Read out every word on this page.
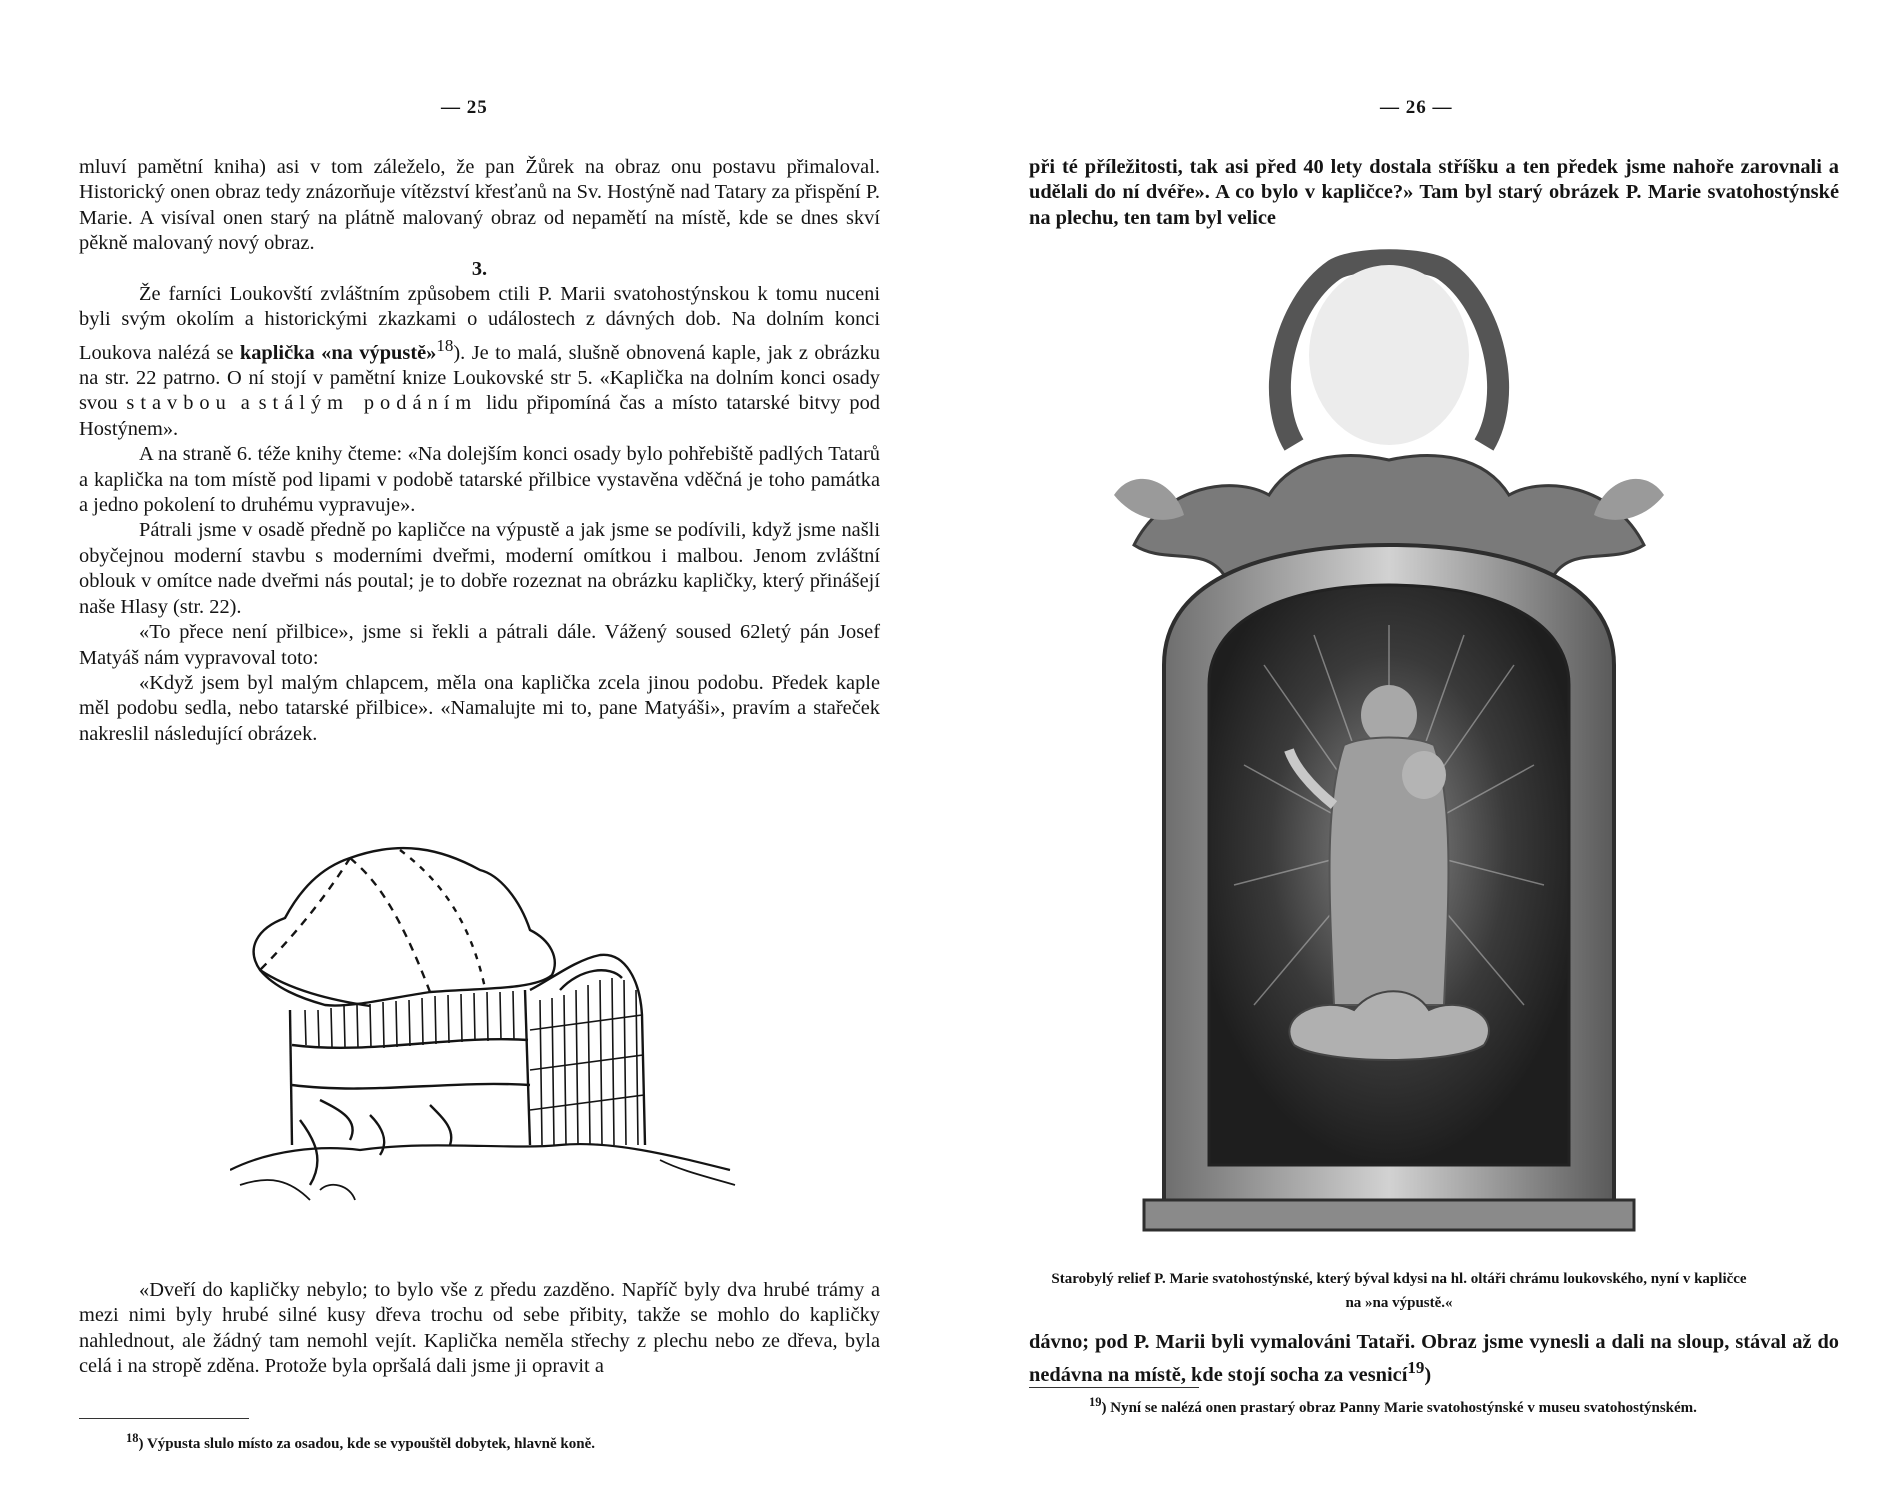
— 25

mluví pamětní kniha) asi v tom záleželo, že pan Žůrek na obraz onu postavu přimaloval. Historický onen obraz tedy znázorňuje vítězství křesťanů na Sv. Hostýně nad Tatary za přispění P. Marie. A visíval onen starý na plátně malovaný obraz od nepamětí na místě, kde se dnes skví pěkně malovaný nový obraz.

3.

Že farníci Loukovští zvláštním způsobem ctili P. Marii svatohostýnskou k tomu nuceni byli svým okolím a historickými zkazkami o událostech z dávných dob. Na dolním konci Loukova nalézá se kaplička «na výpustě»$^{18}$). Je to malá, slušně obnovená kaple, jak z obrázku na str. 22 patrno. O ní stojí v pamětní knize Loukovské str 5. «Kaplička na dolním konci osady svou stavbou a stálým podáním lidu připomíná čas a místo tatarské bitvy pod Hostýnem».

A na straně 6. téže knihy čteme: «Na dolejším konci osady bylo pohřebiště padlých Tatarů a kaplička na tom místě pod lipami v podobě tatarské přilbice vystavěna vděčná je toho památka a jedno pokolení to druhému vypravuje».

Pátrali jsme v osadě předně po kapličce na výpustě a jak jsme se podívili, když jsme našli obyčejnou moderní stavbu s moderními dveřmi, moderní omítkou i malbou. Jenom zvláštní oblouk v omítce nade dveřmi nás poutal; je to dobře rozeznat na obrázku kapličky, který přinášejí naše Hlasy (str. 22).

«To přece není přilbice», jsme si řekli a pátrali dále. Vážený soused 62letý pán Josef Matyáš nám vypravoval toto:

«Když jsem byl malým chlapcem, měla ona kaplička zcela jinou podobu. Předek kaple měl podobu sedla, nebo tatarské přilbice». «Namalujte mi to, pane Matyáši», pravím a stařeček nakreslil následující obrázek.

«Dveří do kapličky nebylo; to bylo vše z předu zazděno. Napříč byly dva hrubé trámy a mezi nimi byly hrubé silné kusy dřeva trochu od sebe přibity, takže se mohlo do kapličky nahlednout, ale žádný tam nemohl vejít. Kaplička neměla střechy z plechu nebo ze dřeva, byla celá i na stropě zděna. Protože byla opršalá dali jsme ji opravit a

$^{18}$) Výpusta slulo místo za osadou, kde se vypouštěl dobytek, hlavně koně.
— 26 —

při té příležitosti, tak asi před 40 lety dostala stříšku a ten předek jsme nahoře zarovnali a udělali do ní dvéře». A co bylo v kapličce?» Tam byl starý obrázek P. Marie svatohostýnské na plechu, ten tam byl velice

Starobylý relief P. Marie svatohostýnské, který býval kdysi na hl. oltáři chrámu loukovského, nyní v kapličce na »na výpustě.«

dávno; pod P. Marii byli vymalováni Tataři. Obraz jsme vynesli a dali na sloup, stával až do nedávna na místě, kde stojí socha za vesnicí$^{19}$)

$^{19}$) Nyní se nalézá onen prastarý obraz Panny Marie svatohostýnské v museu svatohostýnském.
